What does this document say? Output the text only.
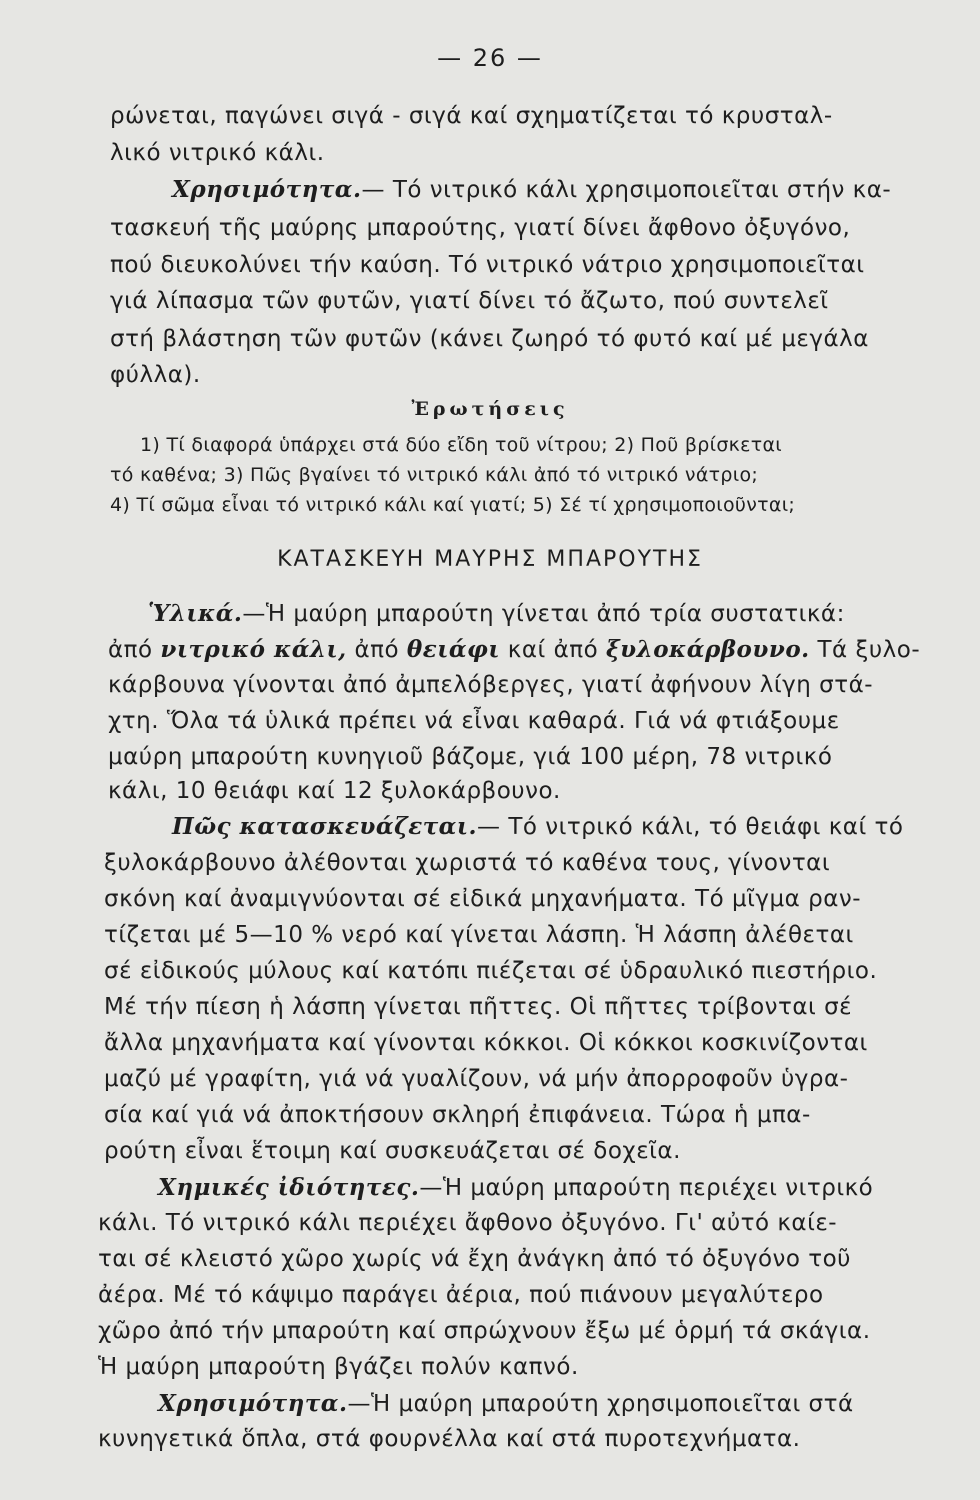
— 26 —
ρώνεται, παγώνει σιγά - σιγά καί σχηματίζεται τό κρυσταλ-
λικό νιτρικό κάλι.
Χρησιμότητα.— Τό νιτρικό κάλι χρησιμοποιεῖται στήν κα-
τασκευή τῆς μαύρης μπαρούτης, γιατί δίνει ἄφθονο ὀξυγόνο,
πού διευκολύνει τήν καύση. Τό νιτρικό νάτριο χρησιμοποιεῖται
γιά λίπασμα τῶν φυτῶν, γιατί δίνει τό ἄζωτο, πού συντελεῖ
στή βλάστηση τῶν φυτῶν (κάνει ζωηρό τό φυτό καί μέ μεγάλα
φύλλα).
Ἐρωτήσεις
1) Τί διαφορά ὑπάρχει στά δύο εἴδη τοῦ νίτρου; 2) Ποῦ βρίσκεται
τό καθένα; 3) Πῶς βγαίνει τό νιτρικό κάλι ἀπό τό νιτρικό νάτριο;
4) Τί σῶμα εἶναι τό νιτρικό κάλι καί γιατί; 5) Σέ τί χρησιμοποιοῦνται;
ΚΑΤΑΣΚΕΥΗ ΜΑΥΡΗΣ ΜΠΑΡΟΥΤΗΣ
Ὑλικά.—Ἡ μαύρη μπαρούτη γίνεται ἀπό τρία συστατικά:
ἀπό νιτρικό κάλι, ἀπό θειάφι καί ἀπό ξυλοκάρβουνο. Τά ξυλο-
κάρβουνα γίνονται ἀπό ἀμπελόβεργες, γιατί ἀφήνουν λίγη στά-
χτη. Ὅλα τά ὑλικά πρέπει νά εἶναι καθαρά. Γιά νά φτιάξουμε
μαύρη μπαρούτη κυνηγιοῦ βάζομε, γιά 100 μέρη, 78 νιτρικό
κάλι, 10 θειάφι καί 12 ξυλοκάρβουνο.
Πῶς κατασκευάζεται.— Τό νιτρικό κάλι, τό θειάφι καί τό
ξυλοκάρβουνο ἀλέθονται χωριστά τό καθένα τους, γίνονται
σκόνη καί ἀναμιγνύονται σέ εἰδικά μηχανήματα. Τό μῖγμα ραν-
τίζεται μέ 5—10 % νερό καί γίνεται λάσπη. Ἡ λάσπη ἀλέθεται
σέ εἰδικούς μύλους καί κατόπι πιέζεται σέ ὑδραυλικό πιεστήριο.
Μέ τήν πίεση ἡ λάσπη γίνεται πῆττες. Οἱ πῆττες τρίβονται σέ
ἄλλα μηχανήματα καί γίνονται κόκκοι. Οἱ κόκκοι κοσκινίζονται
μαζύ μέ γραφίτη, γιά νά γυαλίζουν, νά μήν ἀπορροφοῦν ὑγρα-
σία καί γιά νά ἀποκτήσουν σκληρή ἐπιφάνεια. Τώρα ἡ μπα-
ρούτη εἶναι ἕτοιμη καί συσκευάζεται σέ δοχεῖα.
Χημικές ἰδιότητες.—Ἡ μαύρη μπαρούτη περιέχει νιτρικό
κάλι. Τό νιτρικό κάλι περιέχει ἄφθονο ὀξυγόνο. Γι' αὐτό καίε-
ται σέ κλειστό χῶρο χωρίς νά ἔχη ἀνάγκη ἀπό τό ὀξυγόνο τοῦ
ἀέρα. Μέ τό κάψιμο παράγει ἀέρια, πού πιάνουν μεγαλύτερο
χῶρο ἀπό τήν μπαρούτη καί σπρώχνουν ἔξω μέ ὁρμή τά σκάγια.
Ἡ μαύρη μπαρούτη βγάζει πολύν καπνό.
Χρησιμότητα.—Ἡ μαύρη μπαρούτη χρησιμοποιεῖται στά
κυνηγετικά ὅπλα, στά φουρνέλλα καί στά πυροτεχνήματα.
